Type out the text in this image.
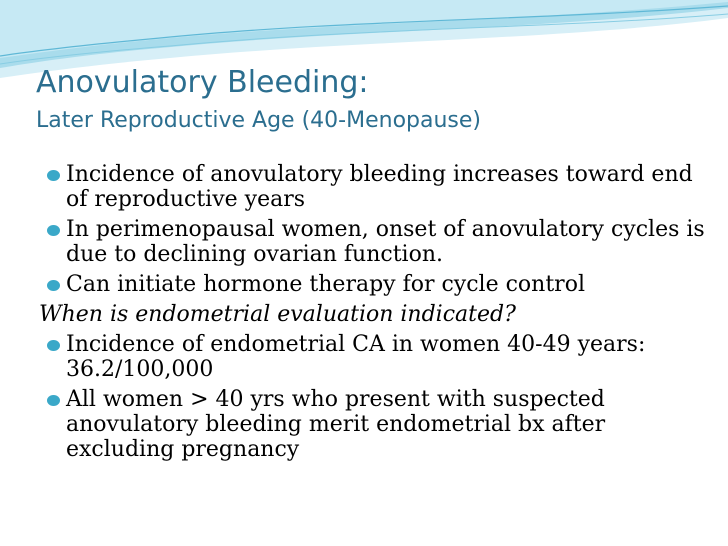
Anovulatory Bleeding:
Later Reproductive Age (40-Menopause)
Incidence of anovulatory bleeding increases toward end of reproductive years
In perimenopausal women, onset of anovulatory cycles is due to declining ovarian function.
Can initiate hormone therapy for cycle control
When is endometrial evaluation indicated?
Incidence of endometrial CA in women 40-49 years: 36.2/100,000
All women > 40 yrs who present with suspected anovulatory bleeding merit endometrial bx after excluding pregnancy
